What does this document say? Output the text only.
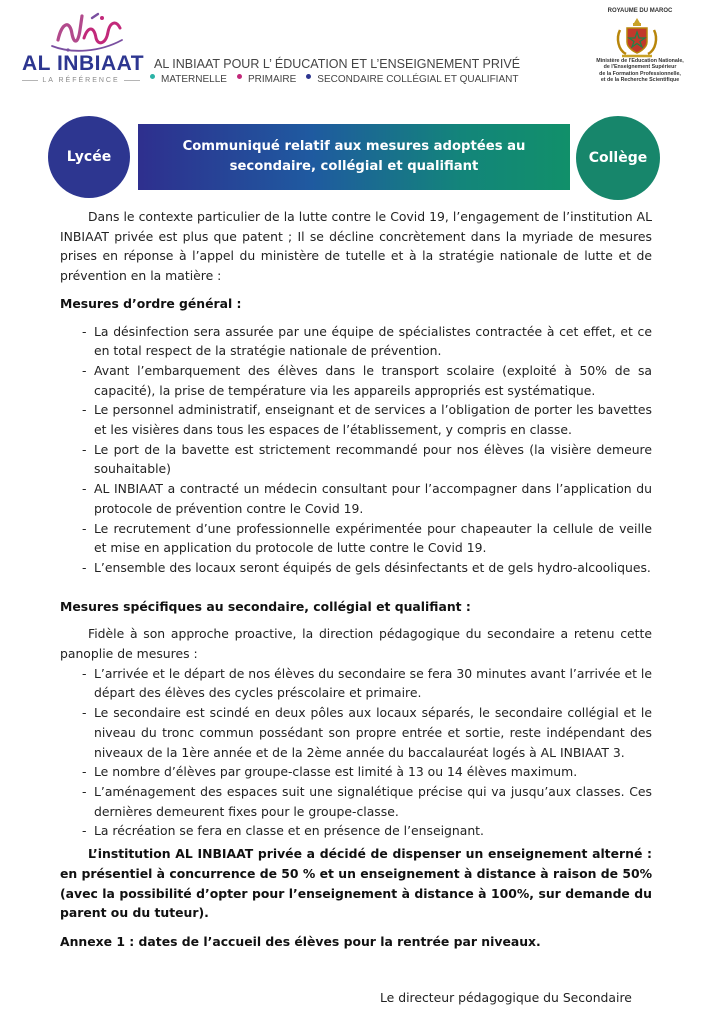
AL INBIAAT
LA RÉFÉRENCE
AL INBIAAT POUR L’ ÉDUCATION ET L’ENSEIGNEMENT PRIVÉ
MATERNELLE PRIMAIRE SECONDAIRE COLLÉGIAL ET QUALIFIANT
ROYAUME DU MAROC
Ministère de l'Education Nationale,
de l'Enseignement Supérieur
de la Formation Professionnelle,
et de la Recherche Scientifique
Lycée
Communiqué relatif aux mesures adoptées au
secondaire, collégial et qualifiant
Collège

Dans le contexte particulier de la lutte contre le Covid 19, l’engagement de l’institution AL INBIAAT privée est plus que patent ; Il se décline concrètement dans la myriade de mesures prises en réponse à l’appel du ministère de tutelle et à la stratégie nationale de lutte et de prévention en la matière :

Mesures d’ordre général :

- La désinfection sera assurée par une équipe de spécialistes contractée à cet effet, et ce en total respect de la stratégie nationale de prévention.
- Avant l’embarquement des élèves dans le transport scolaire (exploité à 50% de sa capacité), la prise de température via les appareils appropriés est systématique.
- Le personnel administratif, enseignant et de services a l’obligation de porter les bavettes et les visières dans tous les espaces de l’établissement, y compris en classe.
- Le port de la bavette est strictement recommandé pour nos élèves (la visière demeure souhaitable)
- AL INBIAAT a contracté un médecin consultant pour l’accompagner dans l’application du protocole de prévention contre le Covid 19.
- Le recrutement d’une professionnelle expérimentée pour chapeauter la cellule de veille et mise en application du protocole de lutte contre le Covid 19.
- L’ensemble des locaux seront équipés de gels désinfectants et de gels hydro-alcooliques.

Mesures spécifiques au secondaire, collégial et qualifiant :

Fidèle à son approche proactive, la direction pédagogique du secondaire a retenu cette panoplie de mesures :

- L’arrivée et le départ de nos élèves du secondaire se fera 30 minutes avant l’arrivée et le départ des élèves des cycles préscolaire et primaire.
- Le secondaire est scindé en deux pôles aux locaux séparés, le secondaire collégial et le niveau du tronc commun possédant son propre entrée et sortie, reste indépendant des niveaux de la 1ère année et de la 2ème année du baccalauréat logés à AL INBIAAT 3.
- Le nombre d’élèves par groupe-classe est limité à 13 ou 14 élèves maximum.
- L’aménagement des espaces suit une signalétique précise qui va jusqu’aux classes. Ces dernières demeurent fixes pour le groupe-classe.
- La récréation se fera en classe et en présence de l’enseignant.

L’institution AL INBIAAT privée a décidé de dispenser un enseignement alterné : en présentiel à concurrence de 50 % et un enseignement à distance à raison de 50% (avec la possibilité d’opter pour l’enseignement à distance à 100%, sur demande du parent ou du tuteur).

Annexe 1 : dates de l’accueil des élèves pour la rentrée par niveaux.

Le directeur pédagogique du Secondaire
